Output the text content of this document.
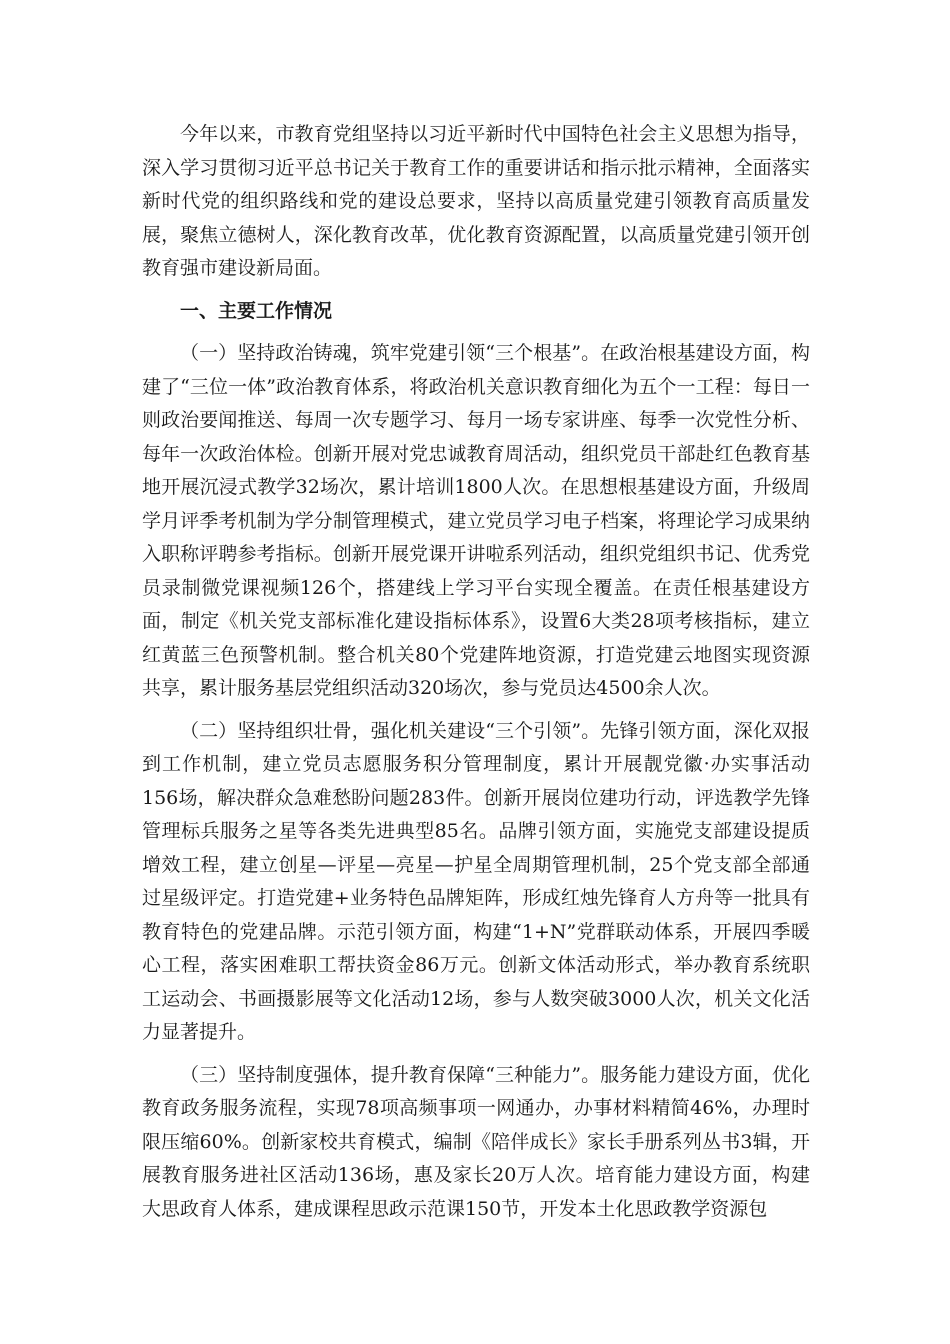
今年以来，市教育党组坚持以习近平新时代中国特色社会主义思想为指导，深入学习贯彻习近平总书记关于教育工作的重要讲话和指示批示精神，全面落实新时代党的组织路线和党的建设总要求，坚持以高质量党建引领教育高质量发展，聚焦立德树人，深化教育改革，优化教育资源配置，以高质量党建引领开创教育强市建设新局面。

一、主要工作情况

（一）坚持政治铸魂，筑牢党建引领“三个根基”。在政治根基建设方面，构建了“三位一体”政治教育体系，将政治机关意识教育细化为五个一工程：每日一则政治要闻推送、每周一次专题学习、每月一场专家讲座、每季一次党性分析、每年一次政治体检。创新开展对党忠诚教育周活动，组织党员干部赴红色教育基地开展沉浸式教学32场次，累计培训1800人次。在思想根基建设方面，升级周学月评季考机制为学分制管理模式，建立党员学习电子档案，将理论学习成果纳入职称评聘参考指标。创新开展党课开讲啦系列活动，组织党组织书记、优秀党员录制微党课视频126个，搭建线上学习平台实现全覆盖。在责任根基建设方面，制定《机关党支部标准化建设指标体系》，设置6大类28项考核指标，建立红黄蓝三色预警机制。整合机关80个党建阵地资源，打造党建云地图实现资源共享，累计服务基层党组织活动320场次，参与党员达4500余人次。

（二）坚持组织壮骨，强化机关建设“三个引领”。先锋引领方面，深化双报到工作机制，建立党员志愿服务积分管理制度，累计开展靓党徽·办实事活动156场，解决群众急难愁盼问题283件。创新开展岗位建功行动，评选教学先锋管理标兵服务之星等各类先进典型85名。品牌引领方面，实施党支部建设提质增效工程，建立创星—评星—亮星—护星全周期管理机制，25个党支部全部通过星级评定。打造党建+业务特色品牌矩阵，形成红烛先锋育人方舟等一批具有教育特色的党建品牌。示范引领方面，构建“1+N”党群联动体系，开展四季暖心工程，落实困难职工帮扶资金86万元。创新文体活动形式，举办教育系统职工运动会、书画摄影展等文化活动12场，参与人数突破3000人次，机关文化活力显著提升。

（三）坚持制度强体，提升教育保障“三种能力”。服务能力建设方面，优化教育政务服务流程，实现78项高频事项一网通办，办事材料精简46%，办理时限压缩60%。创新家校共育模式，编制《陪伴成长》家长手册系列丛书3辑，开展教育服务进社区活动136场，惠及家长20万人次。培育能力建设方面，构建大思政育人体系，建成课程思政示范课150节，开发本土化思政教学资源包
